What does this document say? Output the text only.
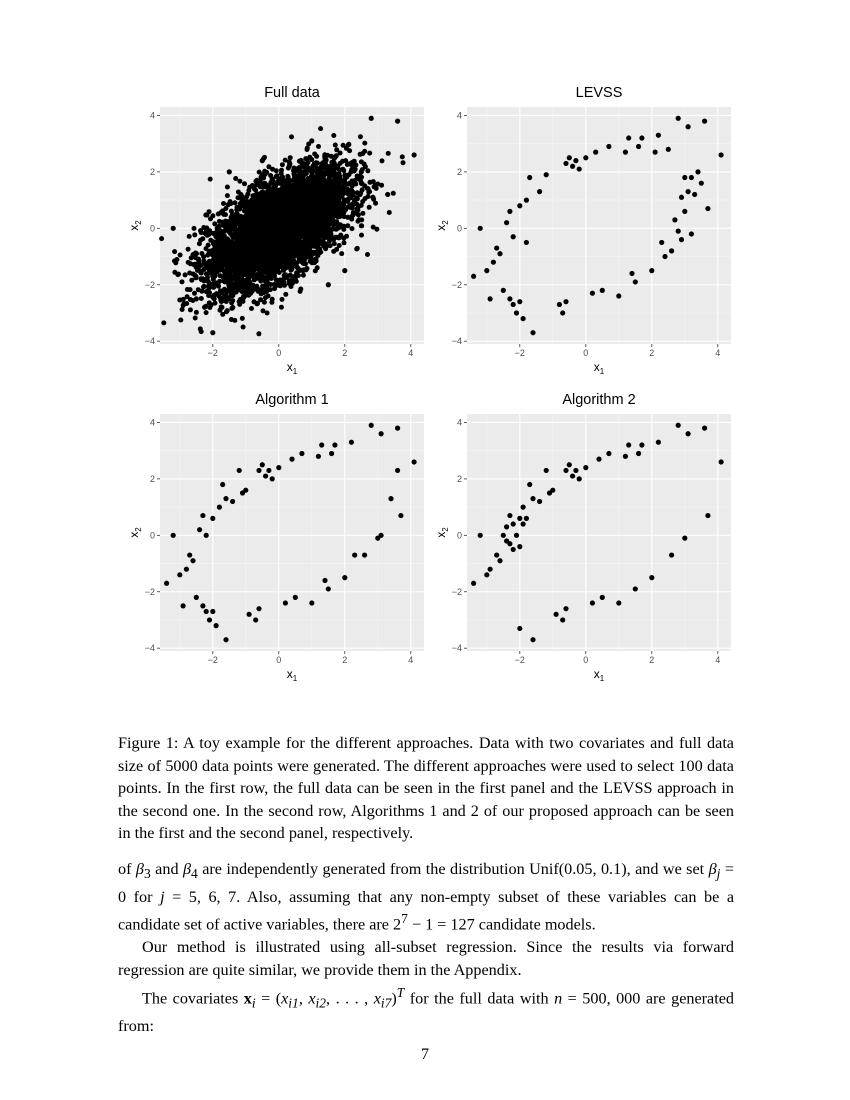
Full data
−2	0	2	4
4
2
0
−2
−4
$x_1$
$x_2$
LEVSS
−2	0	2	4
4
2
0
−2
−4
$x_1$
$x_2$
Algorithm 1
−2	0	2	4
4
2
0
−2
−4
$x_1$
$x_2$
Algorithm 2
−2	0	2	4
4
2
0
−2
−4
$x_1$
$x_2$

Figure 1: A toy example for the different approaches. Data with two covariates and full data size of 5000 data points were generated. The different approaches were used to select 100 data points. In the first row, the full data can be seen in the first panel and the LEVSS approach in the second one. In the second row, Algorithms 1 and 2 of our proposed approach can be seen in the first and the second panel, respectively.

of $\beta_3$ and $\beta_4$ are independently generated from the distribution Unif(0.05, 0.1), and we set $\beta_j = 0$ for j = 5, 6, 7. Also, assuming that any non-empty subset of these variables can be a candidate set of active variables, there are $2^7 - 1 = 127$ candidate models.

Our method is illustrated using all-subset regression. Since the results via forward regression are quite similar, we provide them in the Appendix.

The covariates $x_i = (x_{i1}$, $x_{i2}$, . . . , $x_{i7})^T$ for the full data with n = 500, 000 are generated from:

7
